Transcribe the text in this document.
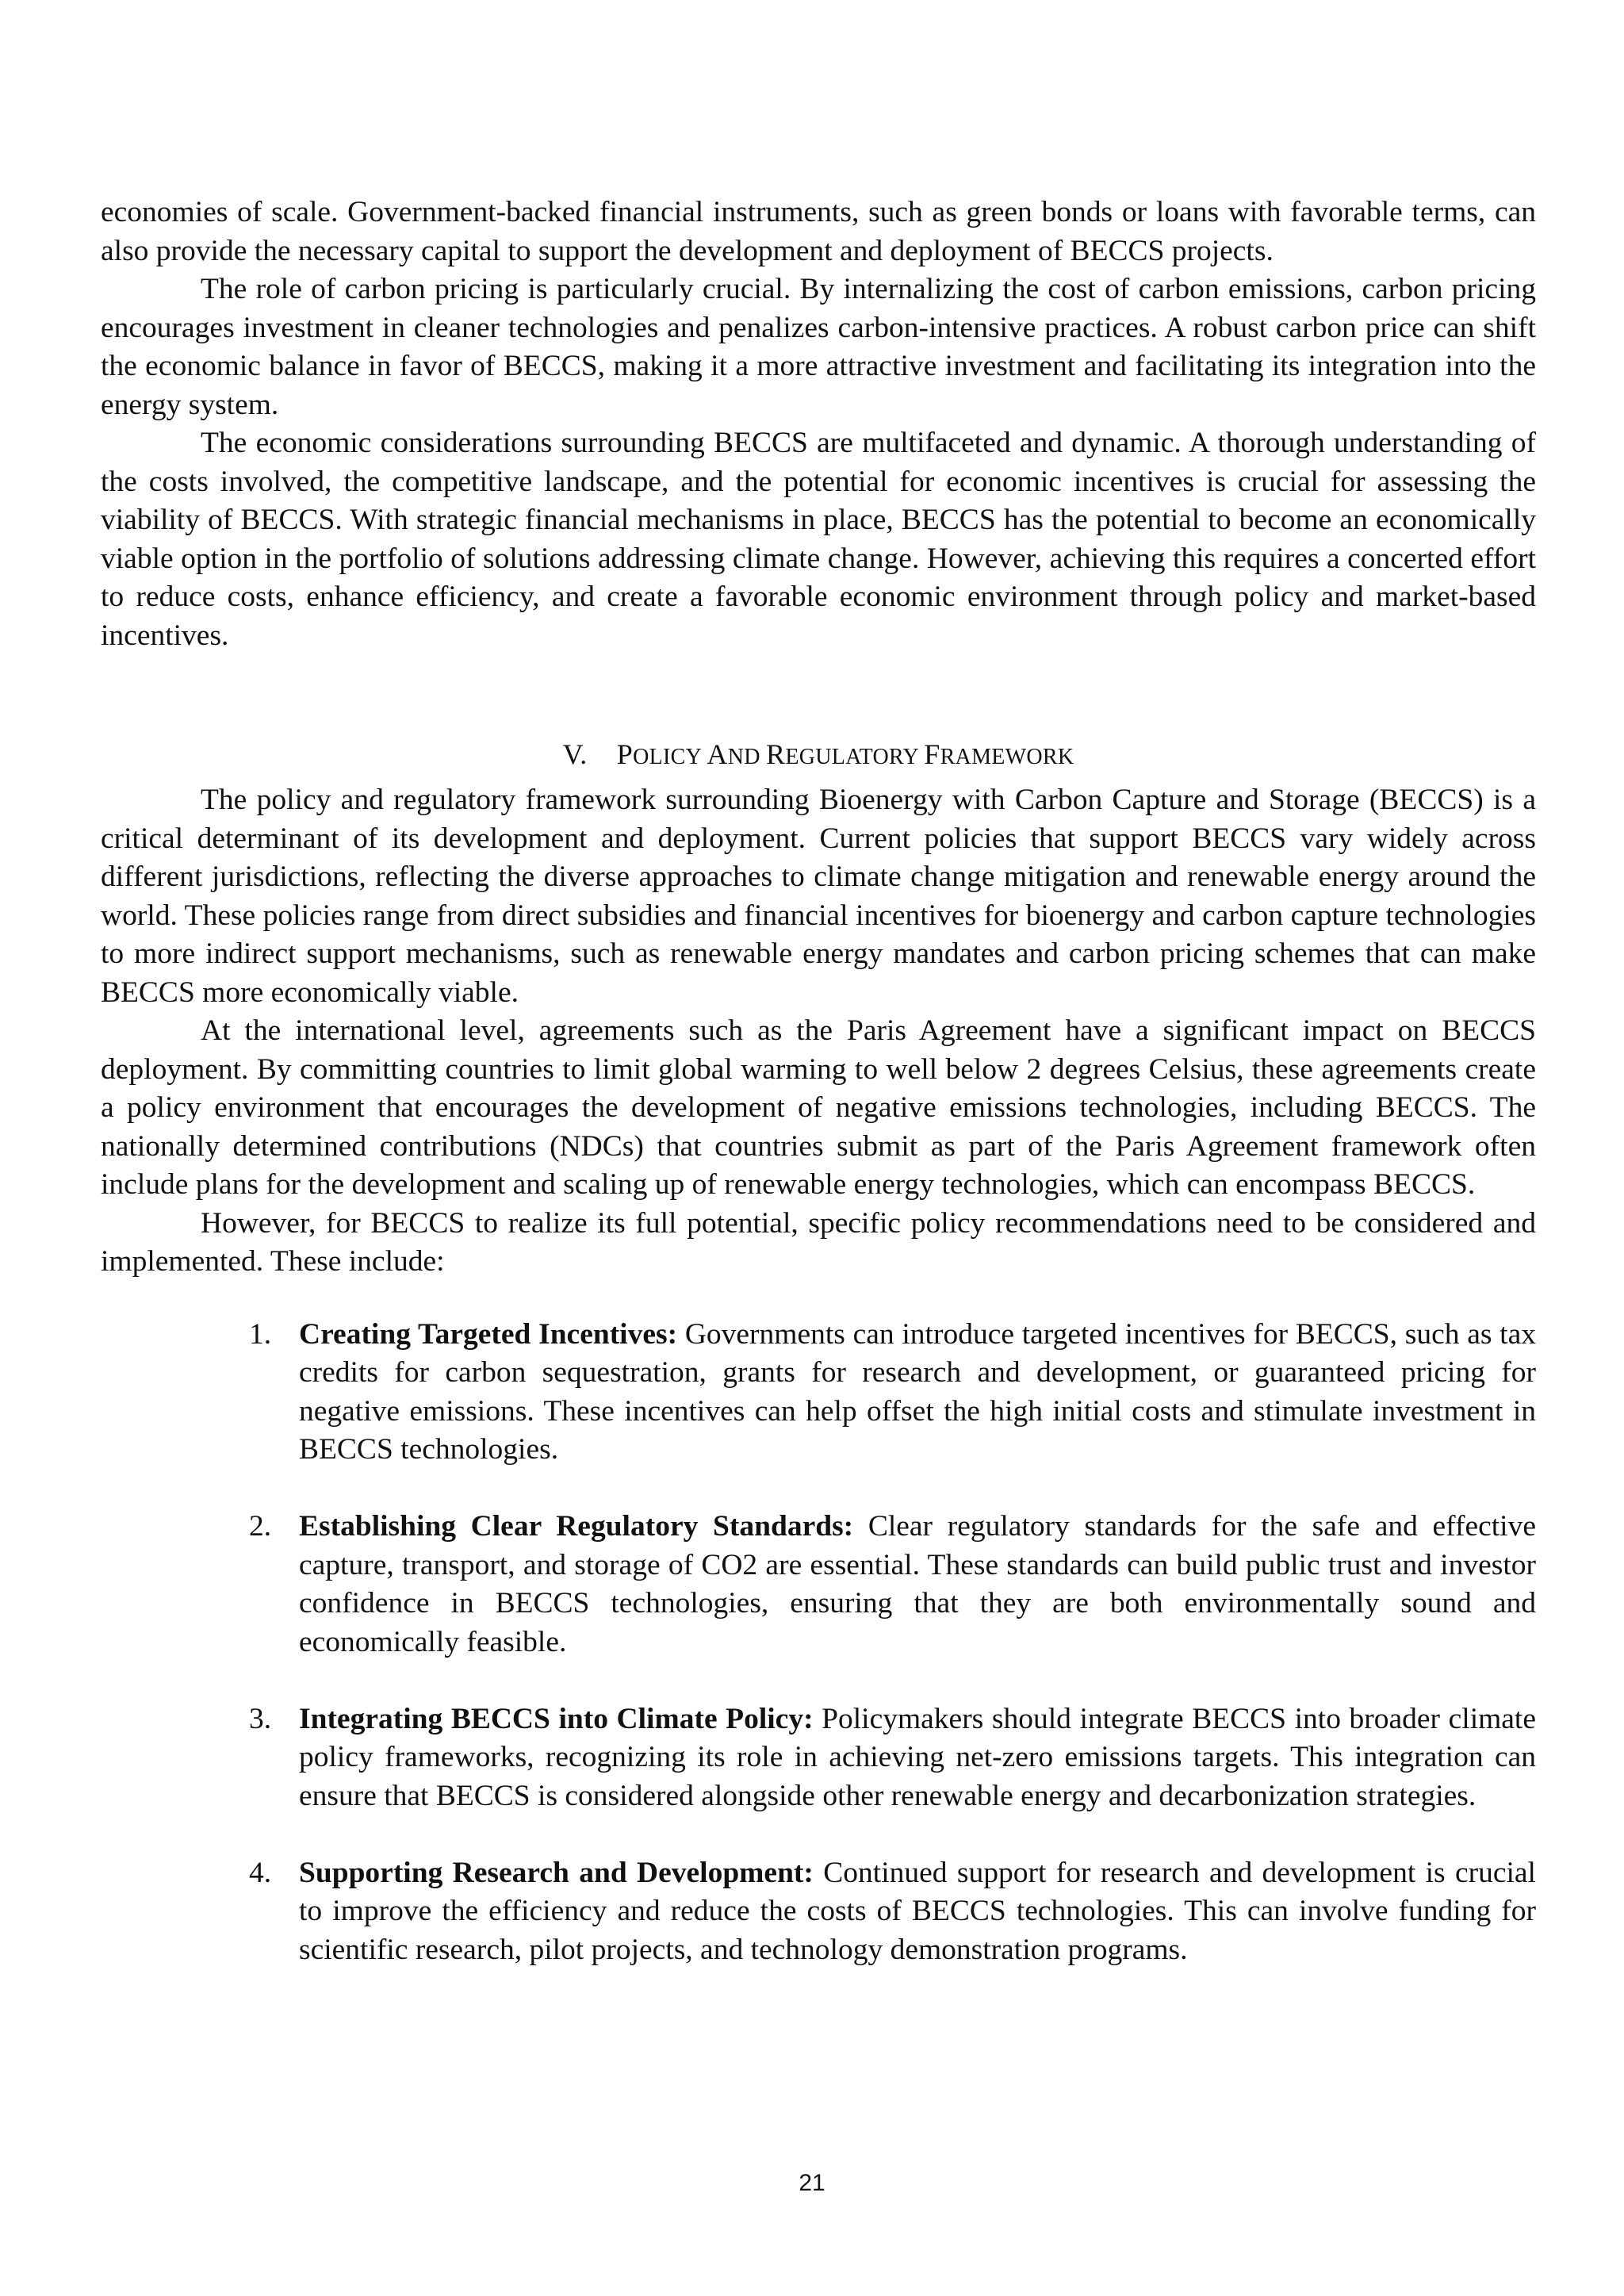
economies of scale. Government-backed financial instruments, such as green bonds or loans with favorable terms, can also provide the necessary capital to support the development and deployment of BECCS projects.

The role of carbon pricing is particularly crucial. By internalizing the cost of carbon emissions, carbon pricing encourages investment in cleaner technologies and penalizes carbon-intensive practices. A robust carbon price can shift the economic balance in favor of BECCS, making it a more attractive investment and facilitating its integration into the energy system.

The economic considerations surrounding BECCS are multifaceted and dynamic. A thorough understanding of the costs involved, the competitive landscape, and the potential for economic incentives is crucial for assessing the viability of BECCS. With strategic financial mechanisms in place, BECCS has the potential to become an economically viable option in the portfolio of solutions addressing climate change. However, achieving this requires a concerted effort to reduce costs, enhance efficiency, and create a favorable economic environment through policy and market-based incentives.

V. POLICY AND REGULATORY FRAMEWORK

The policy and regulatory framework surrounding Bioenergy with Carbon Capture and Storage (BECCS) is a critical determinant of its development and deployment. Current policies that support BECCS vary widely across different jurisdictions, reflecting the diverse approaches to climate change mitigation and renewable energy around the world. These policies range from direct subsidies and financial incentives for bioenergy and carbon capture technologies to more indirect support mechanisms, such as renewable energy mandates and carbon pricing schemes that can make BECCS more economically viable.

At the international level, agreements such as the Paris Agreement have a significant impact on BECCS deployment. By committing countries to limit global warming to well below 2 degrees Celsius, these agreements create a policy environment that encourages the development of negative emissions technologies, including BECCS. The nationally determined contributions (NDCs) that countries submit as part of the Paris Agreement framework often include plans for the development and scaling up of renewable energy technologies, which can encompass BECCS.

However, for BECCS to realize its full potential, specific policy recommendations need to be considered and implemented. These include:

1. Creating Targeted Incentives: Governments can introduce targeted incentives for BECCS, such as tax credits for carbon sequestration, grants for research and development, or guaranteed pricing for negative emissions. These incentives can help offset the high initial costs and stimulate investment in BECCS technologies.
2. Establishing Clear Regulatory Standards: Clear regulatory standards for the safe and effective capture, transport, and storage of CO2 are essential. These standards can build public trust and investor confidence in BECCS technologies, ensuring that they are both environmentally sound and economically feasible.
3. Integrating BECCS into Climate Policy: Policymakers should integrate BECCS into broader climate policy frameworks, recognizing its role in achieving net-zero emissions targets. This integration can ensure that BECCS is considered alongside other renewable energy and decarbonization strategies.
4. Supporting Research and Development: Continued support for research and development is crucial to improve the efficiency and reduce the costs of BECCS technologies. This can involve funding for scientific research, pilot projects, and technology demonstration programs.
21
